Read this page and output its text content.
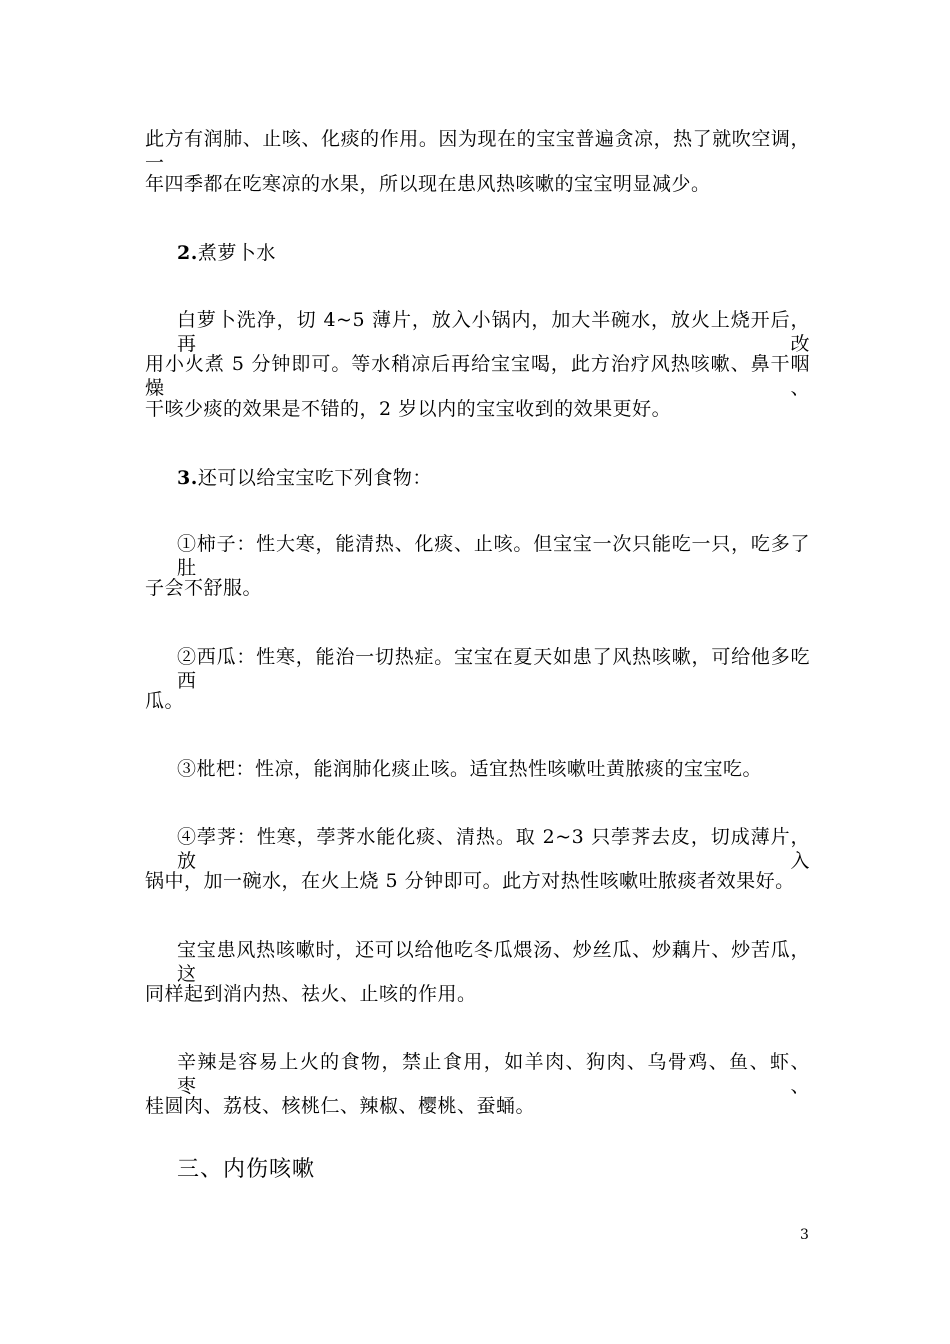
此方有润肺、止咳、化痰的作用。因为现在的宝宝普遍贪凉，热了就吹空调，一
年四季都在吃寒凉的水果，所以现在患风热咳嗽的宝宝明显减少。
2.煮萝卜水
白萝卜洗净，切 4~5 薄片，放入小锅内，加大半碗水，放火上烧开后，再改
用小火煮 5 分钟即可。等水稍凉后再给宝宝喝，此方治疗风热咳嗽、鼻干咽燥、
干咳少痰的效果是不错的，2 岁以内的宝宝收到的效果更好。
3.还可以给宝宝吃下列食物：
①柿子：性大寒，能清热、化痰、止咳。但宝宝一次只能吃一只，吃多了肚
子会不舒服。
②西瓜：性寒，能治一切热症。宝宝在夏天如患了风热咳嗽，可给他多吃西
瓜。
③枇杷：性凉，能润肺化痰止咳。适宜热性咳嗽吐黄脓痰的宝宝吃。
④荸荠：性寒，荸荠水能化痰、清热。取 2~3 只荸荠去皮，切成薄片，放入
锅中，加一碗水，在火上烧 5 分钟即可。此方对热性咳嗽吐脓痰者效果好。
宝宝患风热咳嗽时，还可以给他吃冬瓜煨汤、炒丝瓜、炒藕片、炒苦瓜，这
同样起到消内热、祛火、止咳的作用。
辛辣是容易上火的食物，禁止食用，如羊肉、狗肉、乌骨鸡、鱼、虾、枣、
桂圆肉、荔枝、核桃仁、辣椒、樱桃、蚕蛹。
三、内伤咳嗽
3
